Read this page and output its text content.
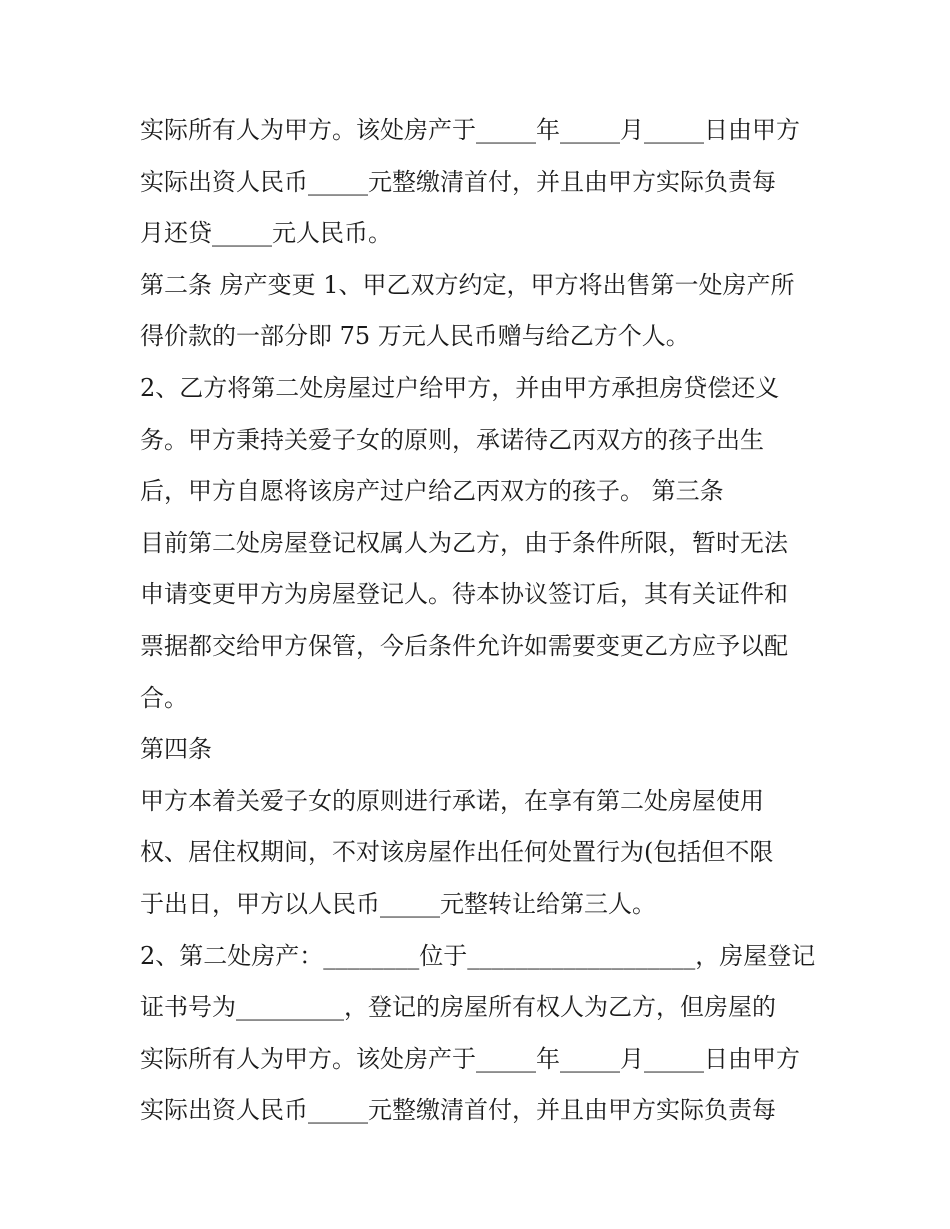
实际所有人为甲方。该处房产于_____年_____月_____日由甲方
实际出资人民币_____元整缴清首付，并且由甲方实际负责每
月还贷_____元人民币。
第二条 房产变更 1、甲乙双方约定，甲方将出售第一处房产所
得价款的一部分即 75 万元人民币赠与给乙方个人。
2、乙方将第二处房屋过户给甲方，并由甲方承担房贷偿还义
务。甲方秉持关爱子女的原则，承诺待乙丙双方的孩子出生
后，甲方自愿将该房产过户给乙丙双方的孩子。 第三条
目前第二处房屋登记权属人为乙方，由于条件所限，暂时无法
申请变更甲方为房屋登记人。待本协议签订后，其有关证件和
票据都交给甲方保管，今后条件允许如需要变更乙方应予以配
合。
第四条
甲方本着关爱子女的原则进行承诺，在享有第二处房屋使用
权、居住权期间，不对该房屋作出任何处置行为(包括但不限
于出日，甲方以人民币_____元整转让给第三人。
2、第二处房产：________位于___________________，房屋登记
证书号为_________，登记的房屋所有权人为乙方，但房屋的
实际所有人为甲方。该处房产于_____年_____月_____日由甲方
实际出资人民币_____元整缴清首付，并且由甲方实际负责每
